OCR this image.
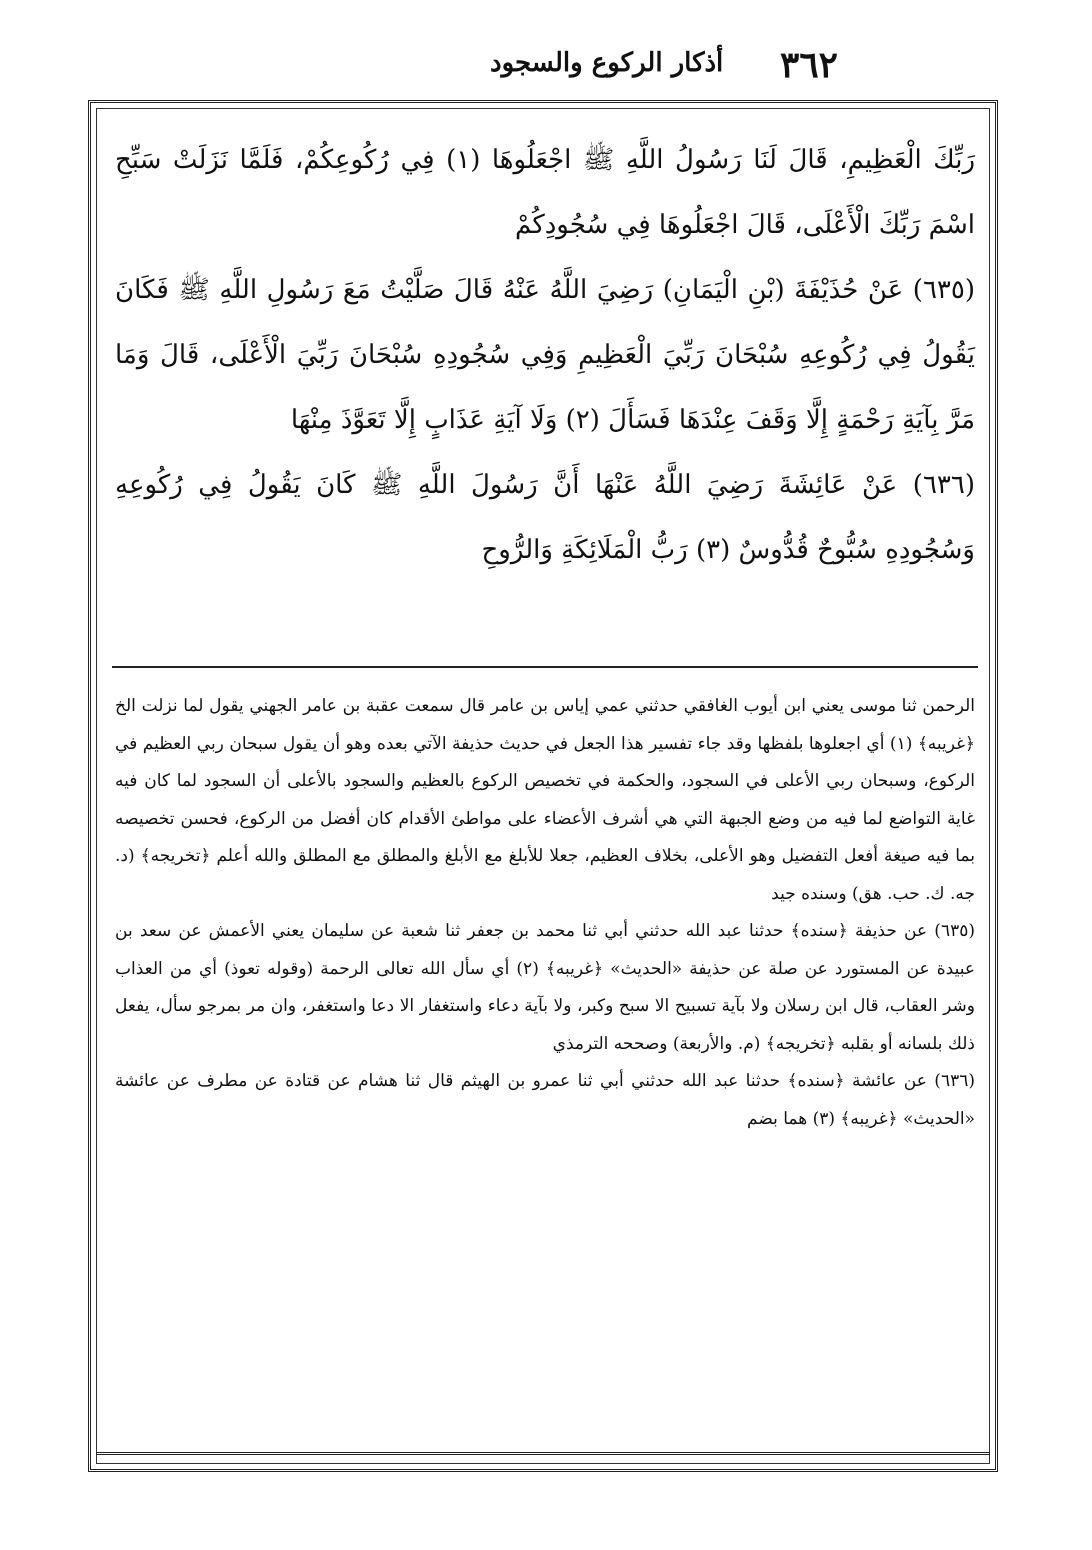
أذكار الركوع والسجود ٣٦٢

رَبِّكَ الْعَظِيمِ، قَالَ لَنَا رَسُولُ اللَّهِ ﷺ اجْعَلُوهَا (١) فِي رُكُوعِكُمْ، فَلَمَّا نَزَلَتْ سَبِّحِ اسْمَ رَبِّكَ الْأَعْلَى، قَالَ اجْعَلُوهَا فِي سُجُودِكُمْ

(٦٣٥) عَنْ حُذَيْفَةَ (بْنِ الْيَمَانِ) رَضِيَ اللَّهُ عَنْهُ قَالَ صَلَّيْتُ مَعَ رَسُولِ اللَّهِ ﷺ فَكَانَ يَقُولُ فِي رُكُوعِهِ سُبْحَانَ رَبِّيَ الْعَظِيمِ وَفِي سُجُودِهِ سُبْحَانَ رَبِّيَ الْأَعْلَى، قَالَ وَمَا مَرَّ بِآيَةِ رَحْمَةٍ إِلَّا وَقَفَ عِنْدَهَا فَسَأَلَ (٢) وَلَا آيَةِ عَذَابٍ إِلَّا تَعَوَّذَ مِنْهَا

(٦٣٦) عَنْ عَائِشَةَ رَضِيَ اللَّهُ عَنْهَا أَنَّ رَسُولَ اللَّهِ ﷺ كَانَ يَقُولُ فِي رُكُوعِهِ وَسُجُودِهِ سُبُّوحٌ قُدُّوسٌ (٣) رَبُّ الْمَلَائِكَةِ وَالرُّوحِ

الرحمن ثنا موسى يعني ابن أيوب الغافقي حدثني عمي إياس بن عامر قال سمعت عقبة بن عامر الجهني يقول لما نزلت الخ ﴿غريبه﴾ (١) أي اجعلوها بلفظها وقد جاء تفسير هذا الجعل في حديث حذيفة الآتي بعده وهو أن يقول سبحان ربي العظيم في الركوع، وسبحان ربي الأعلى في السجود، والحكمة في تخصيص الركوع بالعظيم والسجود بالأعلى أن السجود لما كان فيه غاية التواضع لما فيه من وضع الجبهة التي هي أشرف الأعضاء على مواطئ الأقدام كان أفضل من الركوع، فحسن تخصيصه بما فيه صيغة أفعل التفضيل وهو الأعلى، بخلاف العظيم، جعلا للأبلغ مع الأبلغ والمطلق مع المطلق والله أعلم ﴿تخريجه﴾ (د. جه. ك. حب. هق) وسنده جيد

(٦٣٥) عن حذيفة ﴿سنده﴾ حدثنا عبد الله حدثني أبي ثنا محمد بن جعفر ثنا شعبة عن سليمان يعني الأعمش عن سعد بن عبيدة عن المستورد عن صلة عن حذيفة «الحديث» ﴿غريبه﴾ (٢) أي سأل الله تعالى الرحمة (وقوله تعوذ) أي من العذاب وشر العقاب، قال ابن رسلان ولا بآية تسبيح الا سبح وكبر، ولا بآية دعاء واستغفار الا دعا واستغفر، وان مر بمرجو سأل، يفعل ذلك بلسانه أو بقلبه ﴿تخريجه﴾ (م. والأربعة) وصححه الترمذي

(٦٣٦) عن عائشة ﴿سنده﴾ حدثنا عبد الله حدثني أبي ثنا عمرو بن الهيثم قال ثنا هشام عن قتادة عن مطرف عن عائشة «الحديث» ﴿غريبه﴾ (٣) هما بضم
